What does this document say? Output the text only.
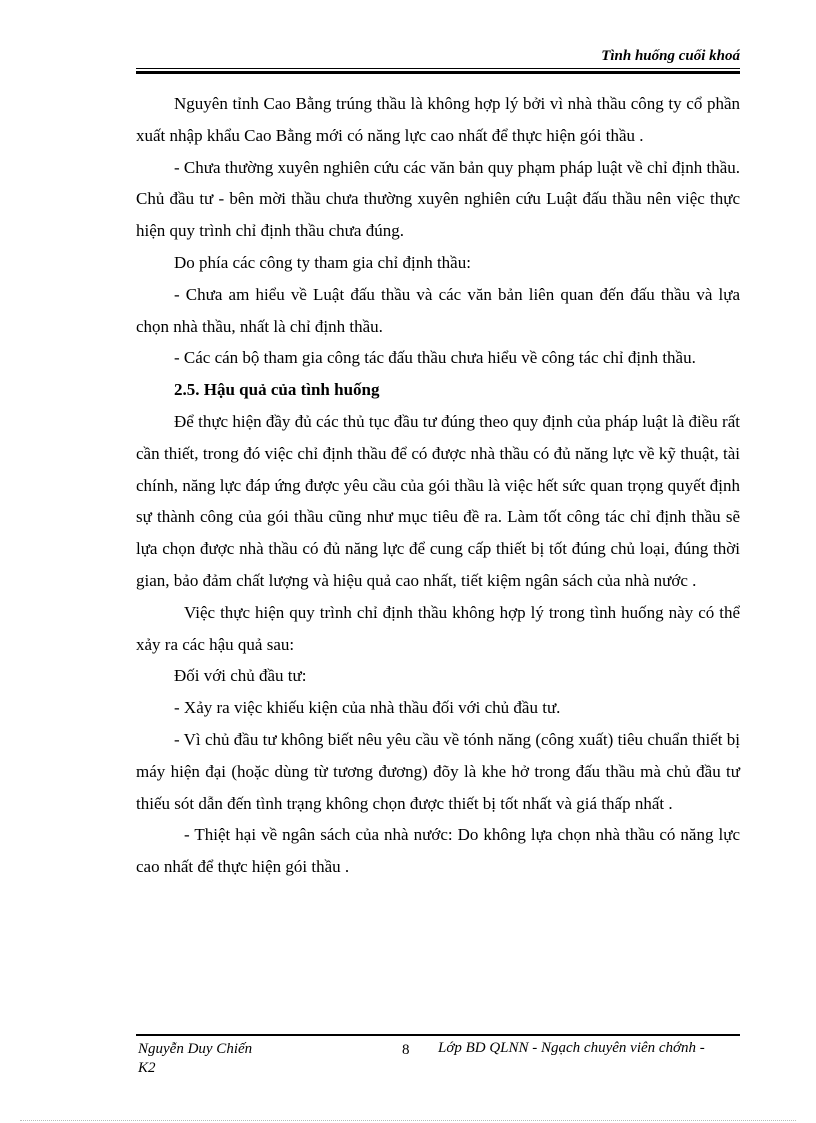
Tình huống cuối khoá

Nguyên tỉnh Cao Bằng trúng thầu là không hợp lý bởi vì nhà thầu công ty cổ phần xuất nhập khẩu Cao Bằng mới có năng lực cao nhất để thực hiện gói thầu .

- Chưa thường xuyên nghiên cứu các văn bản quy phạm pháp luật về chỉ định thầu. Chủ đầu tư - bên mời thầu chưa thường xuyên nghiên cứu Luật đấu thầu nên việc thực hiện quy trình chỉ định thầu chưa đúng.

Do phía các công ty tham gia chỉ định thầu:

- Chưa am hiểu về Luật đấu thầu và các văn bản liên quan đến đấu thầu và lựa chọn nhà thầu, nhất là chỉ định thầu.

- Các cán bộ tham gia công tác đấu thầu chưa hiểu về công tác chỉ định thầu.

2.5. Hậu quả của tình huống

Để thực hiện đầy đủ các thủ tục đầu tư đúng theo quy định của pháp luật là điều rất cần thiết, trong đó việc chỉ định thầu để có được nhà thầu có đủ năng lực về kỹ thuật, tài chính, năng lực đáp ứng được yêu cầu của gói thầu là việc hết sức quan trọng quyết định sự thành công của gói thầu cũng như mục tiêu đề ra. Làm tốt công tác chỉ định thầu sẽ lựa chọn được nhà thầu có đủ năng lực để cung cấp thiết bị tốt đúng chủ loại, đúng thời gian, bảo đảm chất lượng và hiệu quả cao nhất, tiết kiệm ngân sách của nhà nước .

Việc thực hiện quy trình chỉ định thầu không hợp lý trong tình huống này có thể xảy ra các hậu quả sau:

Đối với chủ đầu tư:

- Xảy ra việc khiếu kiện của nhà thầu đối với chủ đầu tư.

- Vì chủ đầu tư không biết nêu yêu cầu về tónh năng (công xuất) tiêu chuẩn thiết bị máy hiện đại (hoặc dùng từ tương đương) đõy là khe hở trong đấu thầu mà chủ đầu tư thiếu sót dẫn đến tình trạng không chọn được thiết bị tốt nhất và giá thấp nhất .

- Thiệt hại về ngân sách của nhà nước: Do không lựa chọn nhà thầu có năng lực cao nhất để thực hiện gói thầu .

Nguyễn Duy Chiến
K2
8 Lớp BD QLNN - Ngạch chuyên viên chớnh -
